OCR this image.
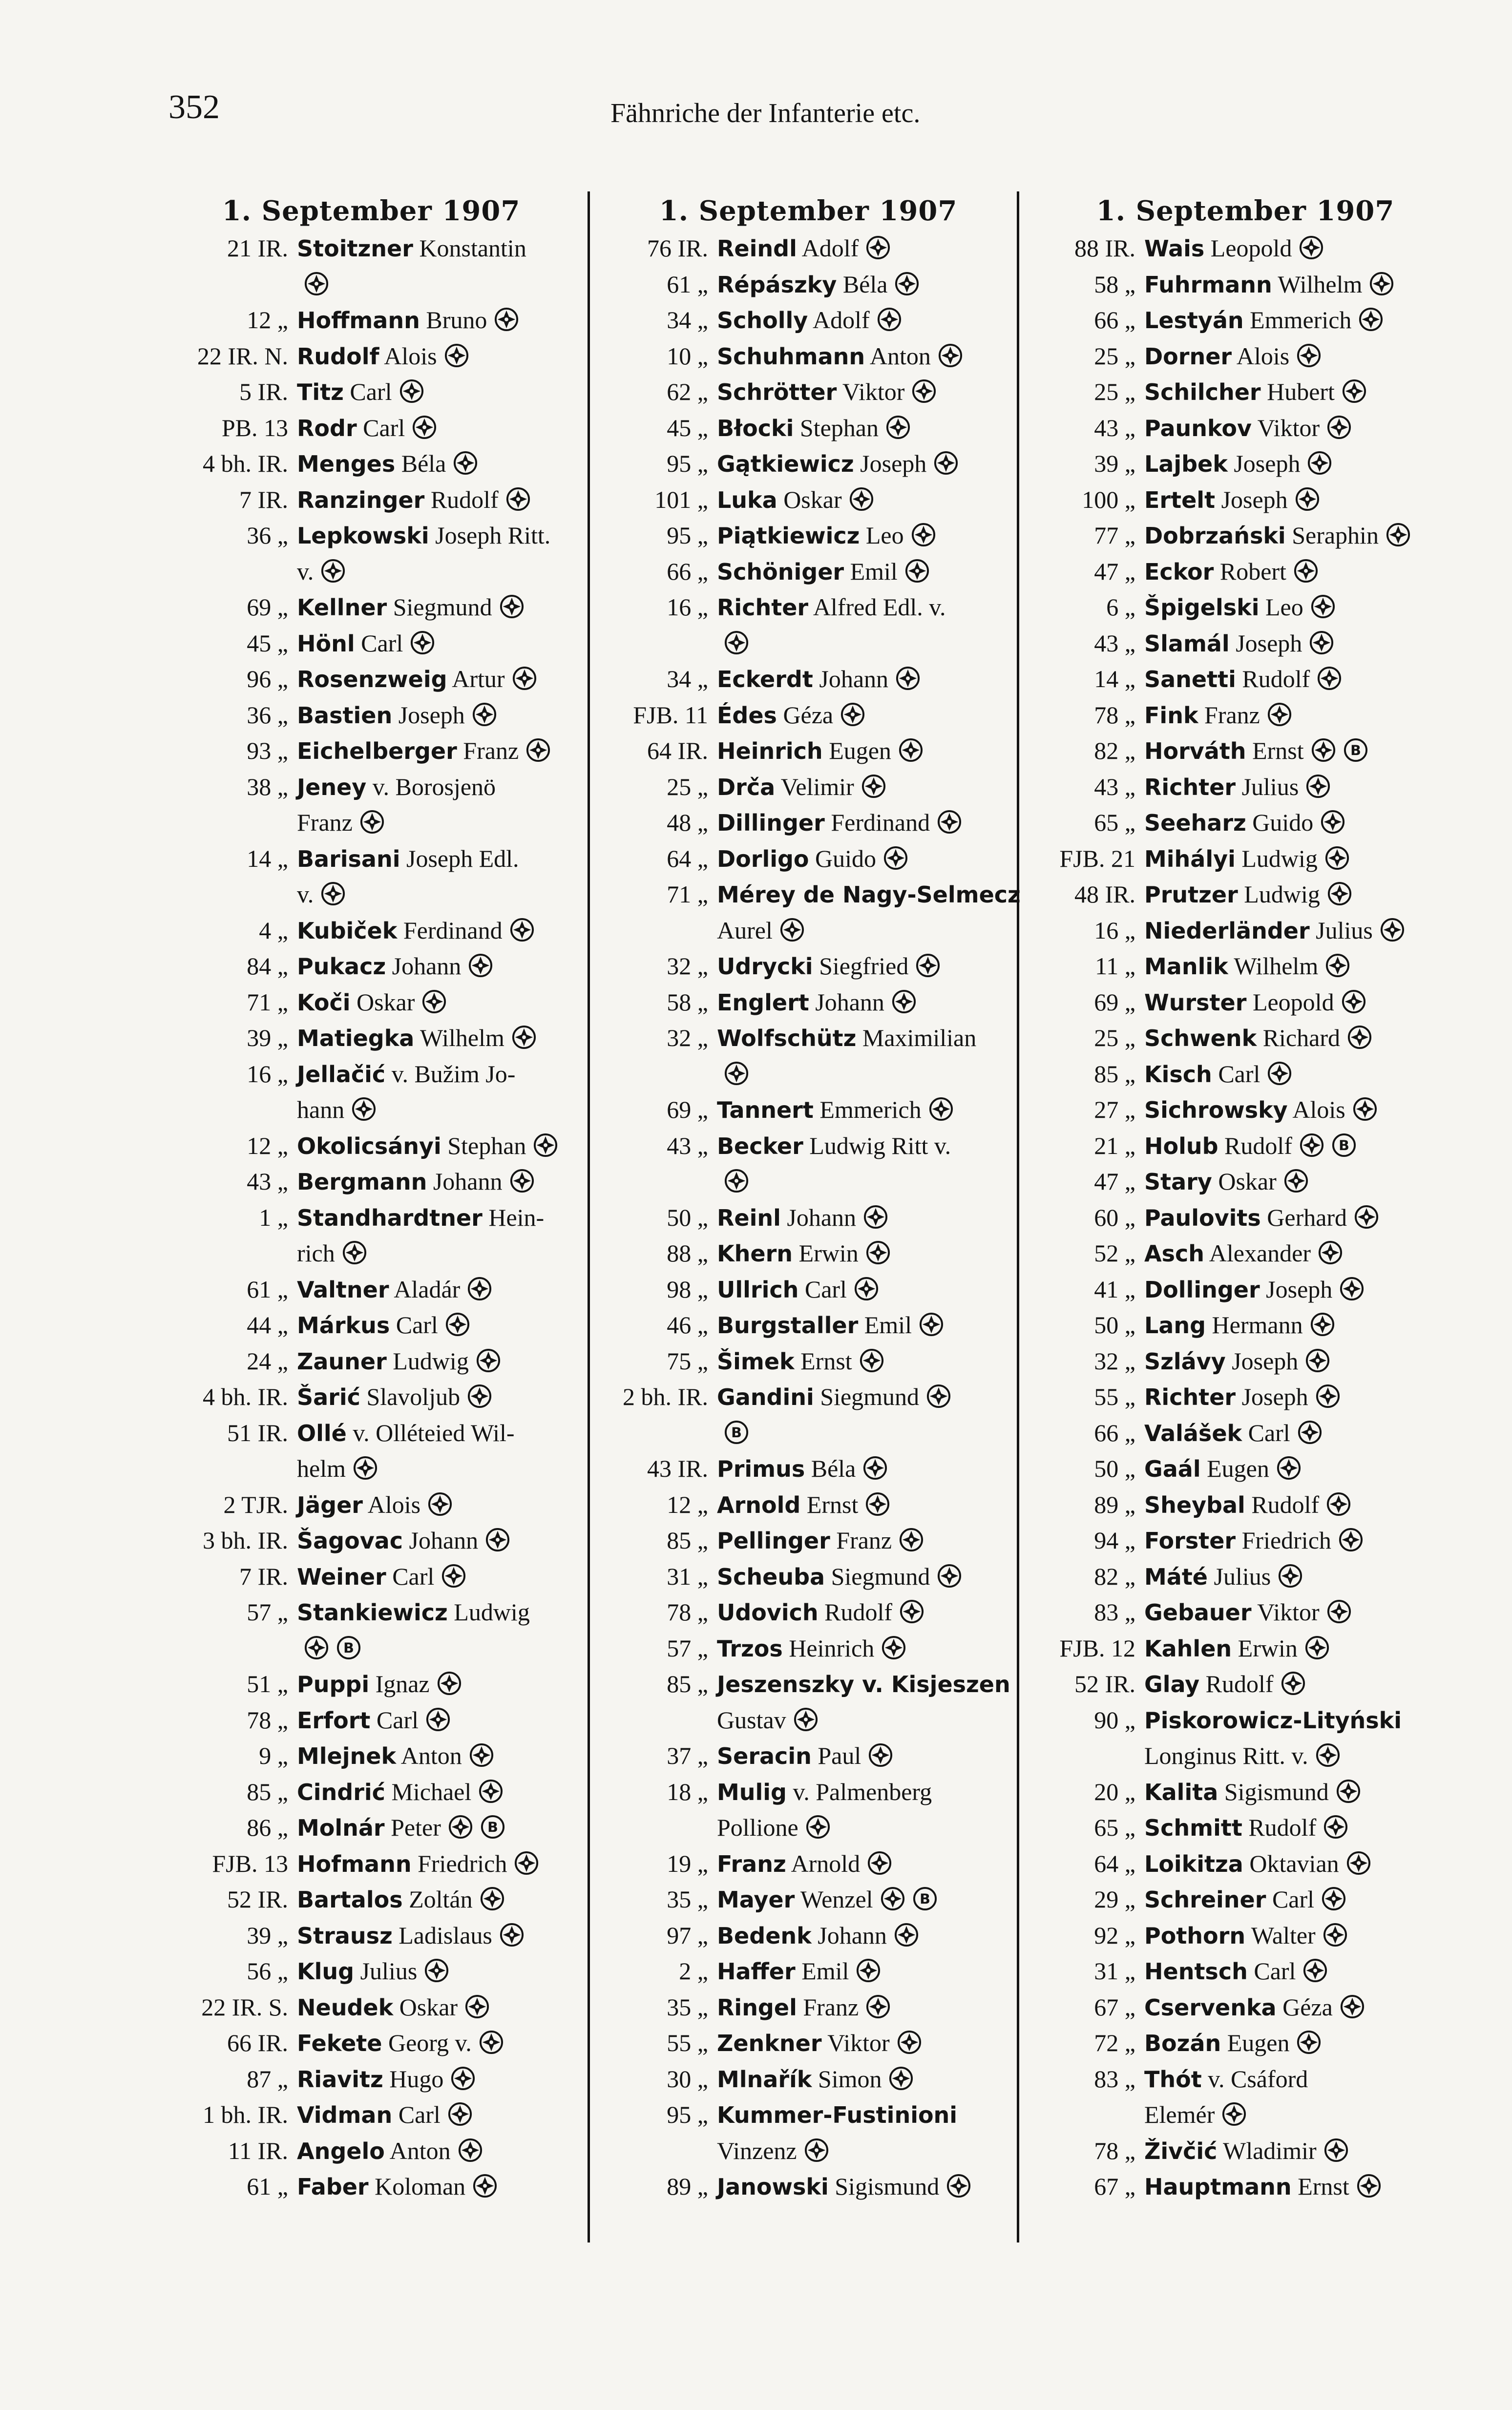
352	Fähnriche der Infanterie etc.
1. September 1907
21 IR. Stoitzner Konstantin
12 „ Hoffmann Bruno
22 IR. N. Rudolf Alois
5 IR. Titz Carl
PB. 13 Rodr Carl
4 bh. IR. Menges Béla
7 IR. Ranzinger Rudolf
36 „ Lepkowski Joseph Ritt.
v.
69 „ Kellner Siegmund
45 „ Hönl Carl
96 „ Rosenzweig Artur
36 „ Bastien Joseph
93 „ Eichelberger Franz
38 „ Jeney v. Borosjenö
Franz
14 „ Barisani Joseph Edl.
v.
4 „ Kubiček Ferdinand
84 „ Pukacz Johann
71 „ Koči Oskar
39 „ Matiegka Wilhelm
16 „ Jellačić v. Bužim Jo-
hann
12 „ Okolicsányi Stephan
43 „ Bergmann Johann
1 „ Standhardtner Hein-
rich
61 „ Valtner Aladár
44 „ Márkus Carl
24 „ Zauner Ludwig
4 bh. IR. Šarić Slavoljub
51 IR. Ollé v. Olléteied Wil-
helm
2 TJR. Jäger Alois
3 bh. IR. Šagovac Johann
7 IR. Weiner Carl
57 „ Stankiewicz Ludwig
B
51 „ Puppi Ignaz
78 „ Erfort Carl
9 „ Mlejnek Anton
85 „ Cindrić Michael
86 „ Molnár Peter	B
FJB. 13 Hofmann Friedrich
52 IR. Bartalos Zoltán
39 „ Strausz Ladislaus
56 „ Klug Julius
22 IR. S. Neudek Oskar
66 IR. Fekete Georg v.
87 „ Riavitz Hugo
1 bh. IR. Vidman Carl
11 IR. Angelo Anton
61 „ Faber Koloman
1. September 1907
76 IR. Reindl Adolf
61 „ Répászky Béla
34 „ Scholly Adolf
10 „ Schuhmann Anton
62 „ Schrötter Viktor
45 „ Błocki Stephan
95 „ Gątkiewicz Joseph
101 „ Luka Oskar
95 „ Piątkiewicz Leo
66 „ Schöniger Emil
16 „ Richter Alfred Edl. v.
34 „ Eckerdt Johann
FJB. 11 Édes Géza
64 IR. Heinrich Eugen
25 „ Drča Velimir
48 „ Dillinger Ferdinand
64 „ Dorligo Guido
71 „ Mérey de Nagy-Selmecz
Aurel
32 „ Udrycki Siegfried
58 „ Englert Johann
32 „ Wolfschütz Maximilian
69 „ Tannert Emmerich
43 „ Becker Ludwig Ritt v.
50 „ Reinl Johann
88 „ Khern Erwin
98 „ Ullrich Carl
46 „ Burgstaller Emil
75 „ Šimek Ernst
2 bh. IR. Gandini Siegmund
B
43 IR. Primus Béla
12 „ Arnold Ernst
85 „ Pellinger Franz
31 „ Scheuba Siegmund
78 „ Udovich Rudolf
57 „ Trzos Heinrich
85 „ Jeszenszky v. Kisjeszen
Gustav
37 „ Seracin Paul
18 „ Mulig v. Palmenberg
Pollione
19 „ Franz Arnold
35 „ Mayer Wenzel	B
97 „ Bedenk Johann
2 „ Haffer Emil
35 „ Ringel Franz
55 „ Zenkner Viktor
30 „ Mlnařík Simon
95 „ Kummer-Fustinioni
Vinzenz
89 „ Janowski Sigismund
1. September 1907
88 IR. Wais Leopold
58 „ Fuhrmann Wilhelm
66 „ Lestyán Emmerich
25 „ Dorner Alois
25 „ Schilcher Hubert
43 „ Paunkov Viktor
39 „ Lajbek Joseph
100 „ Ertelt Joseph
77 „ Dobrzański Seraphin
47 „ Eckor Robert
6 „ Špigelski Leo
43 „ Slamál Joseph
14 „ Sanetti Rudolf
78 „ Fink Franz
82 „ Horváth Ernst	B
43 „ Richter Julius
65 „ Seeharz Guido
FJB. 21 Mihályi Ludwig
48 IR. Prutzer Ludwig
16 „ Niederländer Julius
11 „ Manlik Wilhelm
69 „ Wurster Leopold
25 „ Schwenk Richard
85 „ Kisch Carl
27 „ Sichrowsky Alois
21 „ Holub Rudolf	B
47 „ Stary Oskar
60 „ Paulovits Gerhard
52 „ Asch Alexander
41 „ Dollinger Joseph
50 „ Lang Hermann
32 „ Szlávy Joseph
55 „ Richter Joseph
66 „ Valášek Carl
50 „ Gaál Eugen
89 „ Sheybal Rudolf
94 „ Forster Friedrich
82 „ Máté Julius
83 „ Gebauer Viktor
FJB. 12 Kahlen Erwin
52 IR. Glay Rudolf
90 „ Piskorowicz-Lityński
Longinus Ritt. v.
20 „ Kalita Sigismund
65 „ Schmitt Rudolf
64 „ Loikitza Oktavian
29 „ Schreiner Carl
92 „ Pothorn Walter
31 „ Hentsch Carl
67 „ Cservenka Géza
72 „ Bozán Eugen
83 „ Thót v. Csáford
Elemér
78 „ Živčić Wladimir
67 „ Hauptmann Ernst
